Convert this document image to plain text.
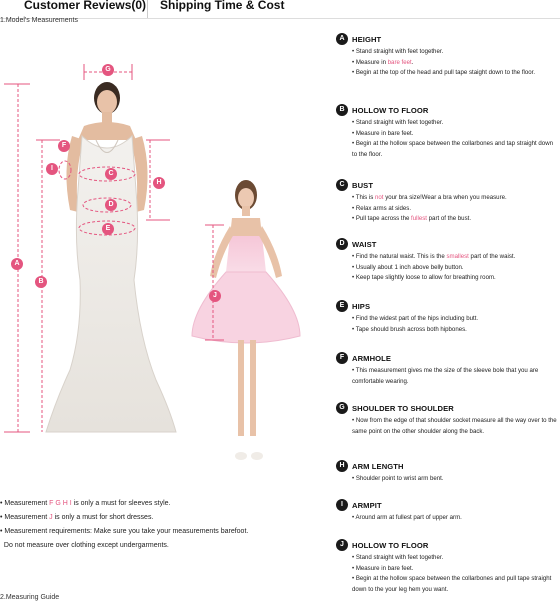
Customer Reviews(0) Shipping Time & Cost
1.Model's Measurements
A
B
C
D
E
F
G
H
I
J
A HEIGHT
• Stand straight with feet together.
• Measure in bare feet.
• Begin at the top of the head and pull tape staight down to the floor.
B HOLLOW TO FLOOR
• Stand straight with feet together.
• Measure in bare feet.
• Begin at the hollow space between the collarbones and tap straight down to the floor.
C BUST
• This is not your bra size!Wear a bra when you measure.
• Relax arms at sides.
• Pull tape across the fullest part of the bust.
D WAIST
• Find the natural waist. This is the smallest part of the waist.
• Usually about 1 inch above belly button.
• Keep tape slightly loose to allow for breathing room.
E	HIPS
• Find the widest part of the hips including butt.
• Tape should brush across both hipbones.
F	ARMHOLE
• This measurement gives me the size of the sleeve bole that you are comfortable wearing.
G SHOULDER TO SHOULDER
• Now from the edge of that shoulder socket measure all the way over to the same point on the other shoulder along the back.
H ARM LENGTH
• Shoulder point to wrist arm bent.
I	ARMPIT
• Around arm at fullest part of upper arm.
J	HOLLOW TO FLOOR
• Stand straight with feet together.
• Measure in bare feet.
• Begin at the hollow space between the collarbones and pull tape straight down to the your leg hem you want.
• Measurement F G H I is only a must for sleeves style.
• Measurement J is only a must for short dresses.
• Measurement requirements: Make sure you take your measurements barefoot.
Do not measure over clothing except undergarments.
2.Measuring Guide
